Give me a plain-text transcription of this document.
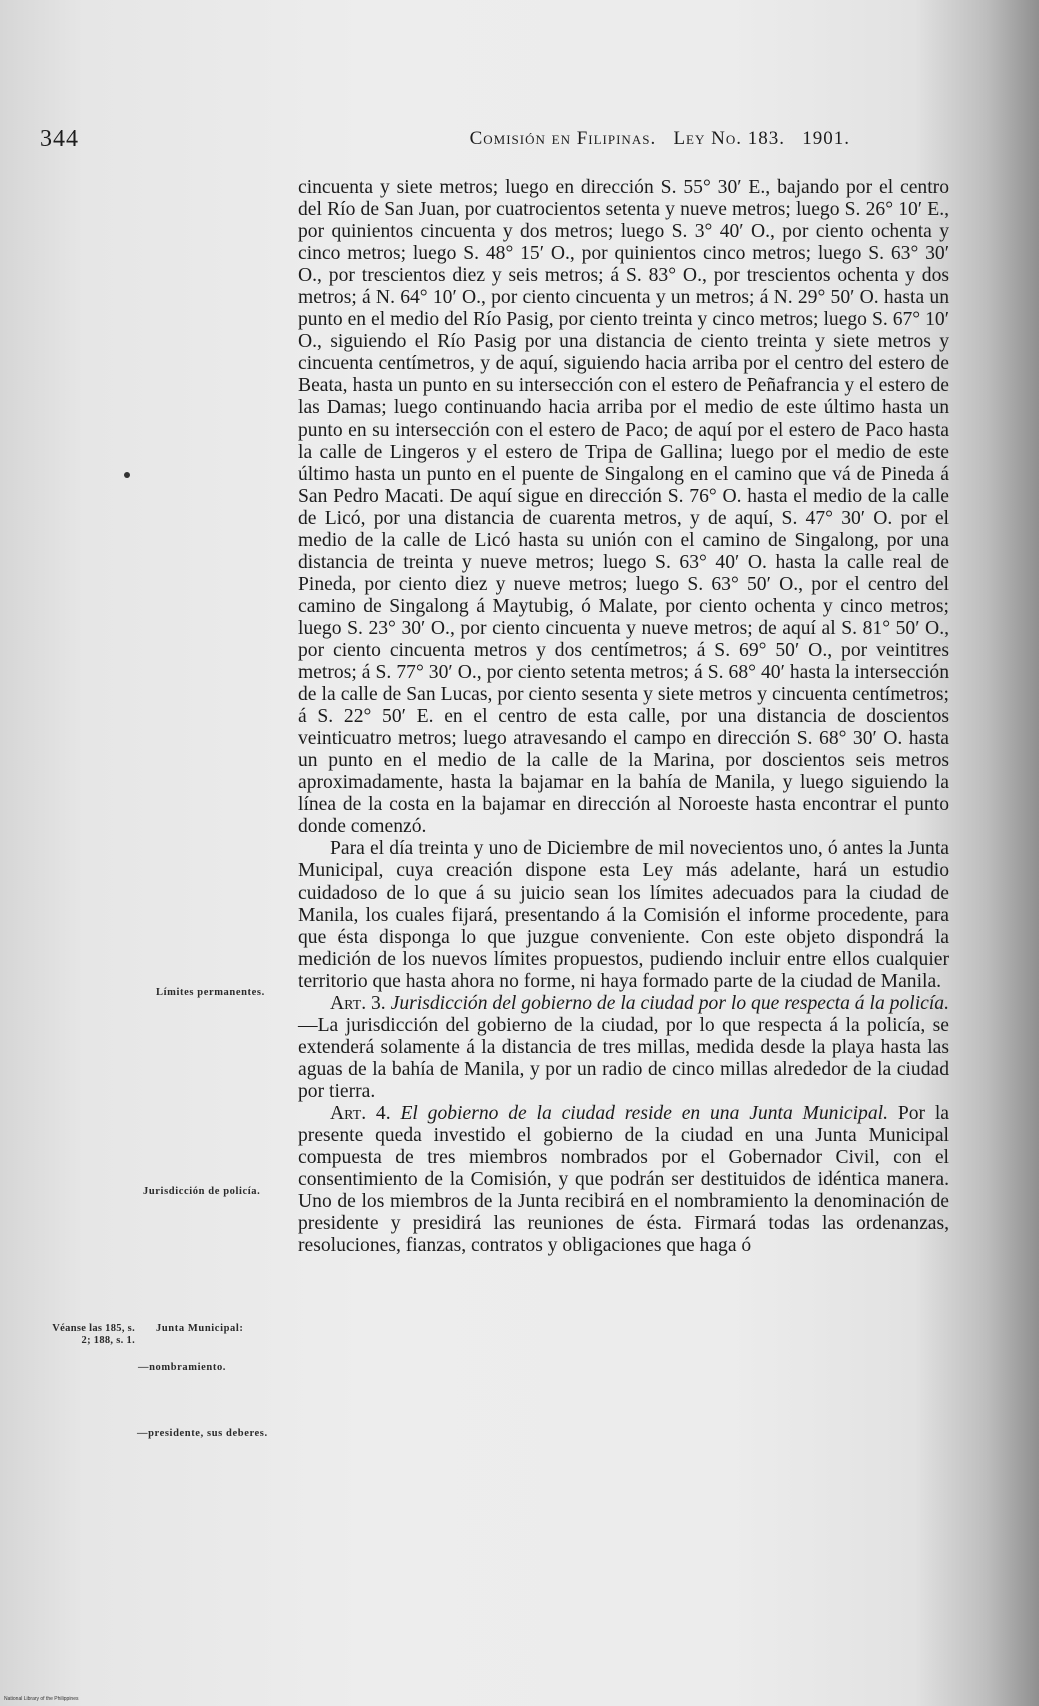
344	Comisión en Filipinas. Ley No. 183. 1901.

cincuenta y siete metros; luego en dirección S. 55° 30′ E., bajando por el centro del Río de San Juan, por cuatrocientos setenta y nueve metros; luego S. 26° 10′ E., por quinientos cincuenta y dos metros; luego S. 3° 40′ O., por ciento ochenta y cinco metros; luego S. 48° 15′ O., por quinientos cinco metros; luego S. 63° 30′ O., por trescientos diez y seis metros; á S. 83° O., por trescientos ochenta y dos metros; á N. 64° 10′ O., por ciento cincuenta y un metros; á N. 29° 50′ O. hasta un punto en el medio del Río Pasig, por ciento treinta y cinco metros; luego S. 67° 10′ O., siguiendo el Río Pasig por una distancia de ciento treinta y siete metros y cincuenta centímetros, y de aquí, siguiendo hacia arriba por el centro del estero de Beata, hasta un punto en su intersección con el estero de Peñafrancia y el estero de las Damas; luego continuando hacia arriba por el medio de este último hasta un punto en su intersección con el estero de Paco; de aquí por el estero de Paco hasta la calle de Lingeros y el estero de Tripa de Gallina; luego por el medio de este último hasta un punto en el puente de Singalong en el camino que vá de Pineda á San Pedro Macati. De aquí sigue en dirección S. 76° O. hasta el medio de la calle de Licó, por una distancia de cuarenta metros, y de aquí, S. 47° 30′ O. por el medio de la calle de Licó hasta su unión con el camino de Singalong, por una distancia de treinta y nueve metros; luego S. 63° 40′ O. hasta la calle real de Pineda, por ciento diez y nueve metros; luego S. 63° 50′ O., por el centro del camino de Singalong á Maytubig, ó Malate, por ciento ochenta y cinco metros; luego S. 23° 30′ O., por ciento cincuenta y nueve metros; de aquí al S. 81° 50′ O., por ciento cincuenta metros y dos centímetros; á S. 69° 50′ O., por veintitres metros; á S. 77° 30′ O., por ciento setenta metros; á S. 68° 40′ hasta la intersección de la calle de San Lucas, por ciento sesenta y siete metros y cincuenta centímetros; á S. 22° 50′ E. en el centro de esta calle, por una distancia de doscientos veinticuatro metros; luego atravesando el campo en dirección S. 68° 30′ O. hasta un punto en el medio de la calle de la Marina, por doscientos seis metros aproximadamente, hasta la bajamar en la bahía de Manila, y luego siguiendo la línea de la costa en la bajamar en dirección al Noroeste hasta encontrar el punto donde comenzó.

Para el día treinta y uno de Diciembre de mil novecientos uno, ó antes la Junta Municipal, cuya creación dispone esta Ley más adelante, hará un estudio cuidadoso de lo que á su juicio sean los límites adecuados para la ciudad de Manila, los cuales fijará, presentando á la Comisión el informe procedente, para que ésta disponga lo que juzgue conveniente. Con este objeto dispondrá la medición de los nuevos límites propuestos, pudiendo incluir entre ellos cualquier territorio que hasta ahora no forme, ni haya formado parte de la ciudad de Manila.

Art. 3. Jurisdicción del gobierno de la ciudad por lo que respecta á la policía.—La jurisdicción del gobierno de la ciudad, por lo que respecta á la policía, se extenderá solamente á la distancia de tres millas, medida desde la playa hasta las aguas de la bahía de Manila, y por un radio de cinco millas alrededor de la ciudad por tierra.

Art. 4. El gobierno de la ciudad reside en una Junta Municipal. Por la presente queda investido el gobierno de la ciudad en una Junta Municipal compuesta de tres miembros nombrados por el Gobernador Civil, con el consentimiento de la Comisión, y que podrán ser destituidos de idéntica manera. Uno de los miembros de la Junta recibirá en el nombramiento la denominación de presidente y presidirá las reuniones de ésta. Firmará todas las ordenanzas, resoluciones, fianzas, contratos y obligaciones que haga ó

Límites permanentes.
Jurisdicción de policía.
Véanse las 185, s. 2; 188, s. 1.
Junta Municipal:
—nombramiento.
—presidente, sus deberes.
National Library of the Philippines
